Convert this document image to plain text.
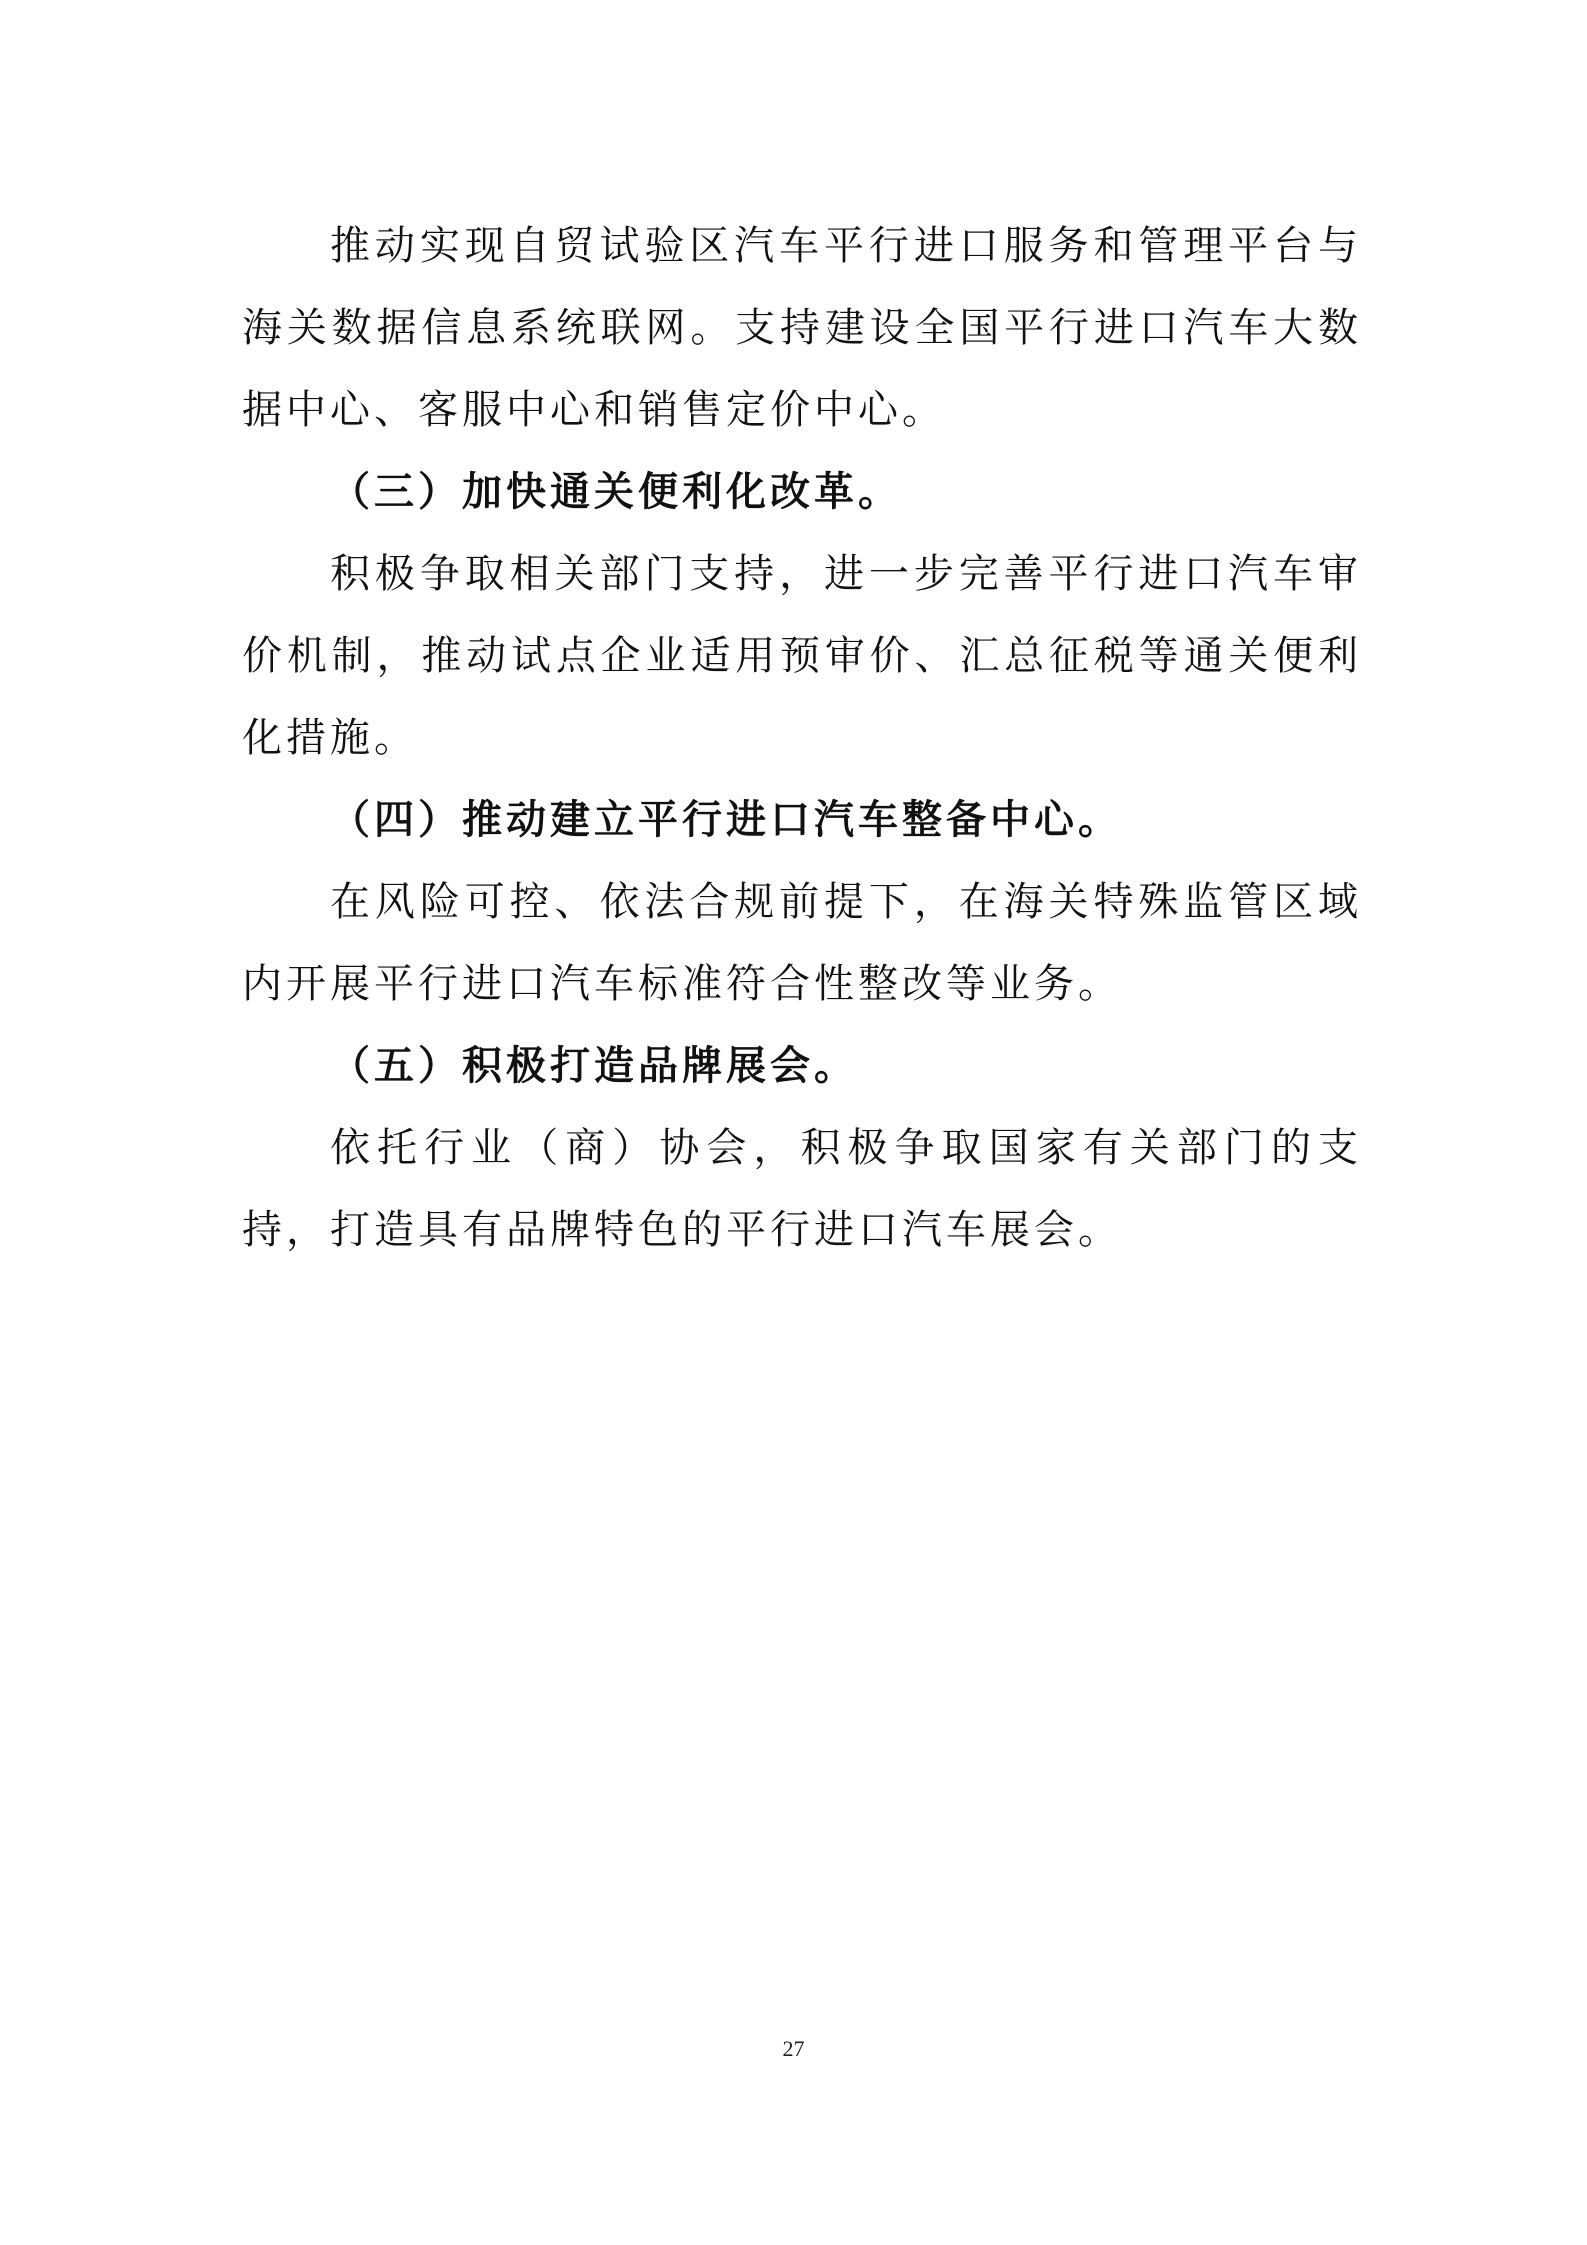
推动实现自贸试验区汽车平行进口服务和管理平台与海关数据信息系统联网。支持建设全国平行进口汽车大数据中心、客服中心和销售定价中心。

（三）加快通关便利化改革。

积极争取相关部门支持，进一步完善平行进口汽车审价机制，推动试点企业适用预审价、汇总征税等通关便利化措施。

（四）推动建立平行进口汽车整备中心。

在风险可控、依法合规前提下，在海关特殊监管区域内开展平行进口汽车标准符合性整改等业务。

（五）积极打造品牌展会。

依托行业（商）协会，积极争取国家有关部门的支持，打造具有品牌特色的平行进口汽车展会。

27
